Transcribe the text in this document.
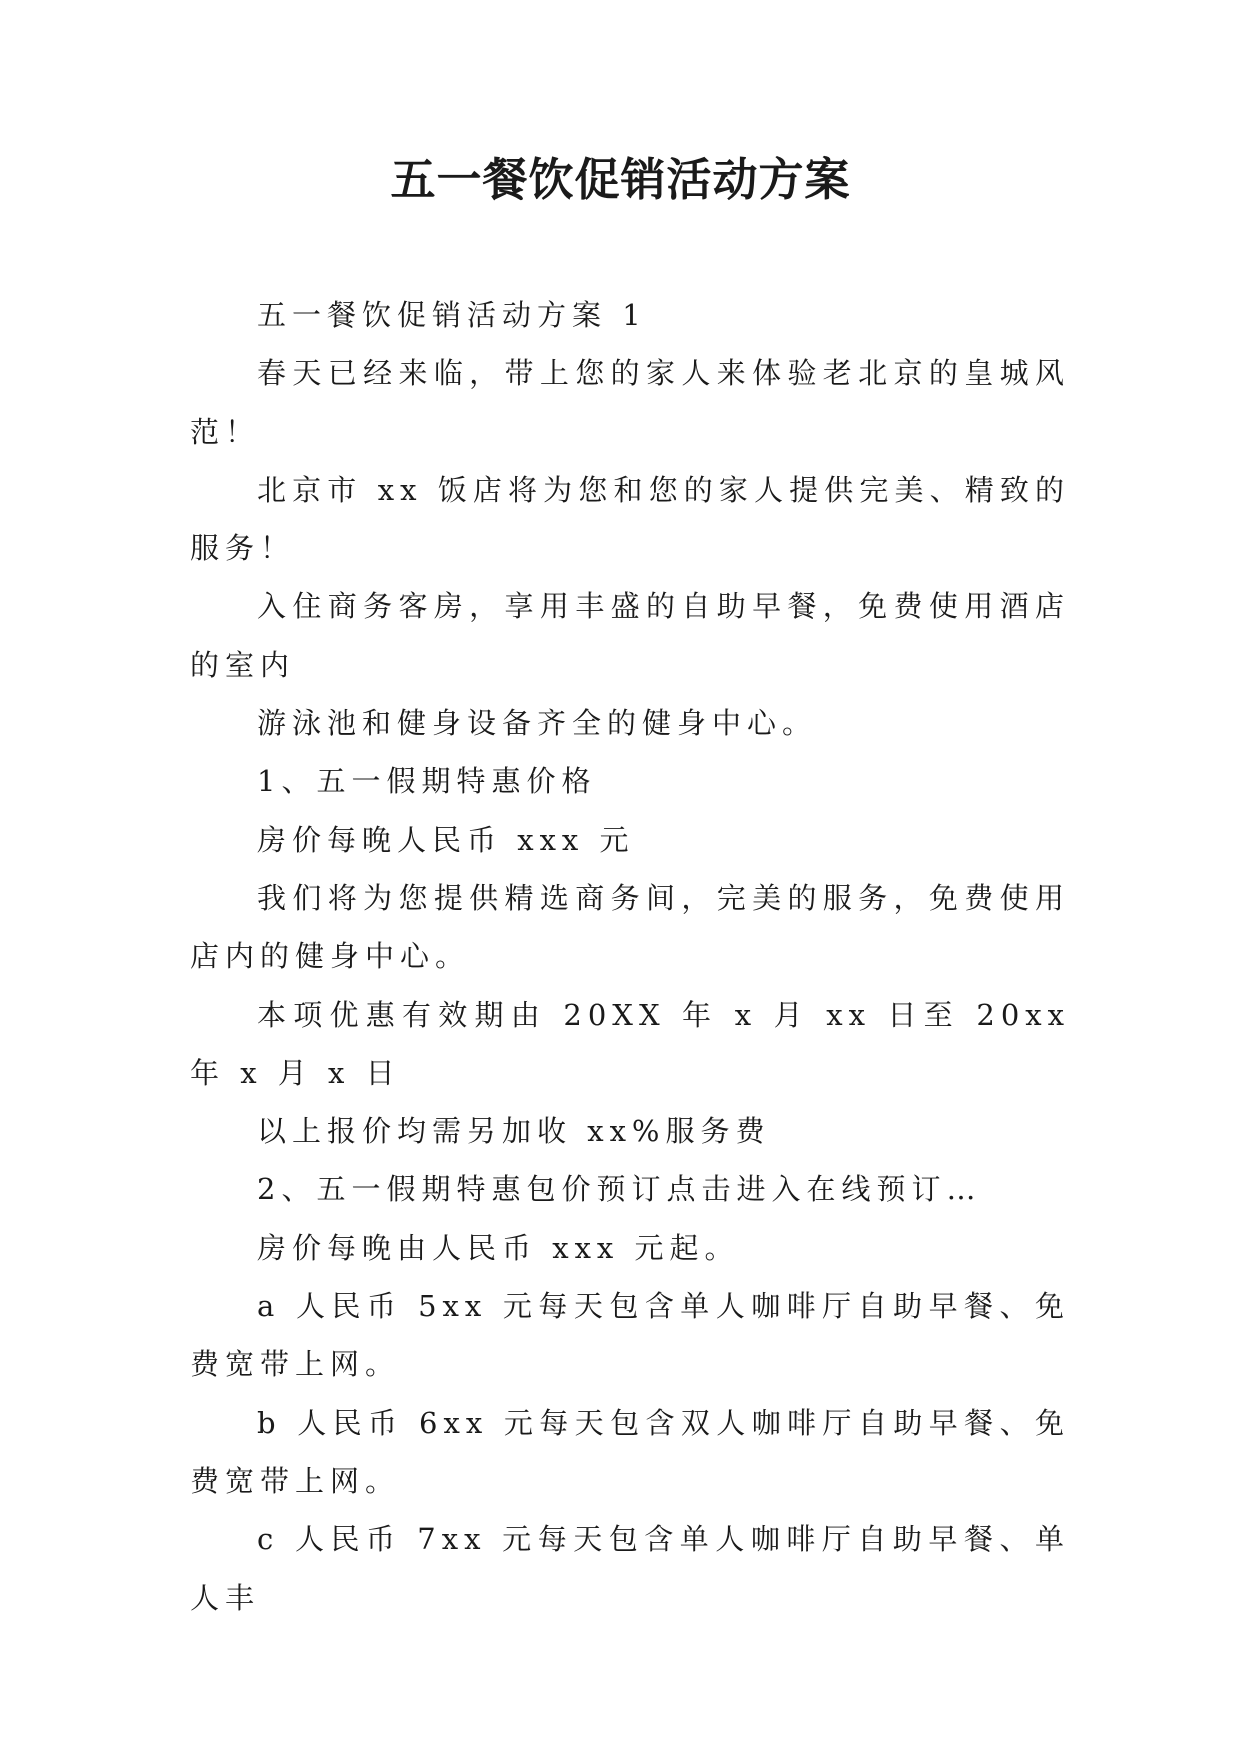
五一餐饮促销活动方案

五一餐饮促销活动方案 1

春天已经来临，带上您的家人来体验老北京的皇城风范！

北京市 xx 饭店将为您和您的家人提供完美、精致的服务！

入住商务客房，享用丰盛的自助早餐，免费使用酒店的室内

游泳池和健身设备齐全的健身中心。

1、五一假期特惠价格

房价每晚人民币 xxx 元

我们将为您提供精选商务间，完美的服务，免费使用店内的健身中心。

本项优惠有效期由 20XX 年 x 月 xx 日至 20xx 年 x 月 x 日

以上报价均需另加收 xx%服务费

2、五一假期特惠包价预订点击进入在线预订…

房价每晚由人民币 xxx 元起。

a 人民币 5xx 元每天包含单人咖啡厅自助早餐、免费宽带上网。

b 人民币 6xx 元每天包含双人咖啡厅自助早餐、免费宽带上网。

c 人民币 7xx 元每天包含单人咖啡厅自助早餐、单人丰
